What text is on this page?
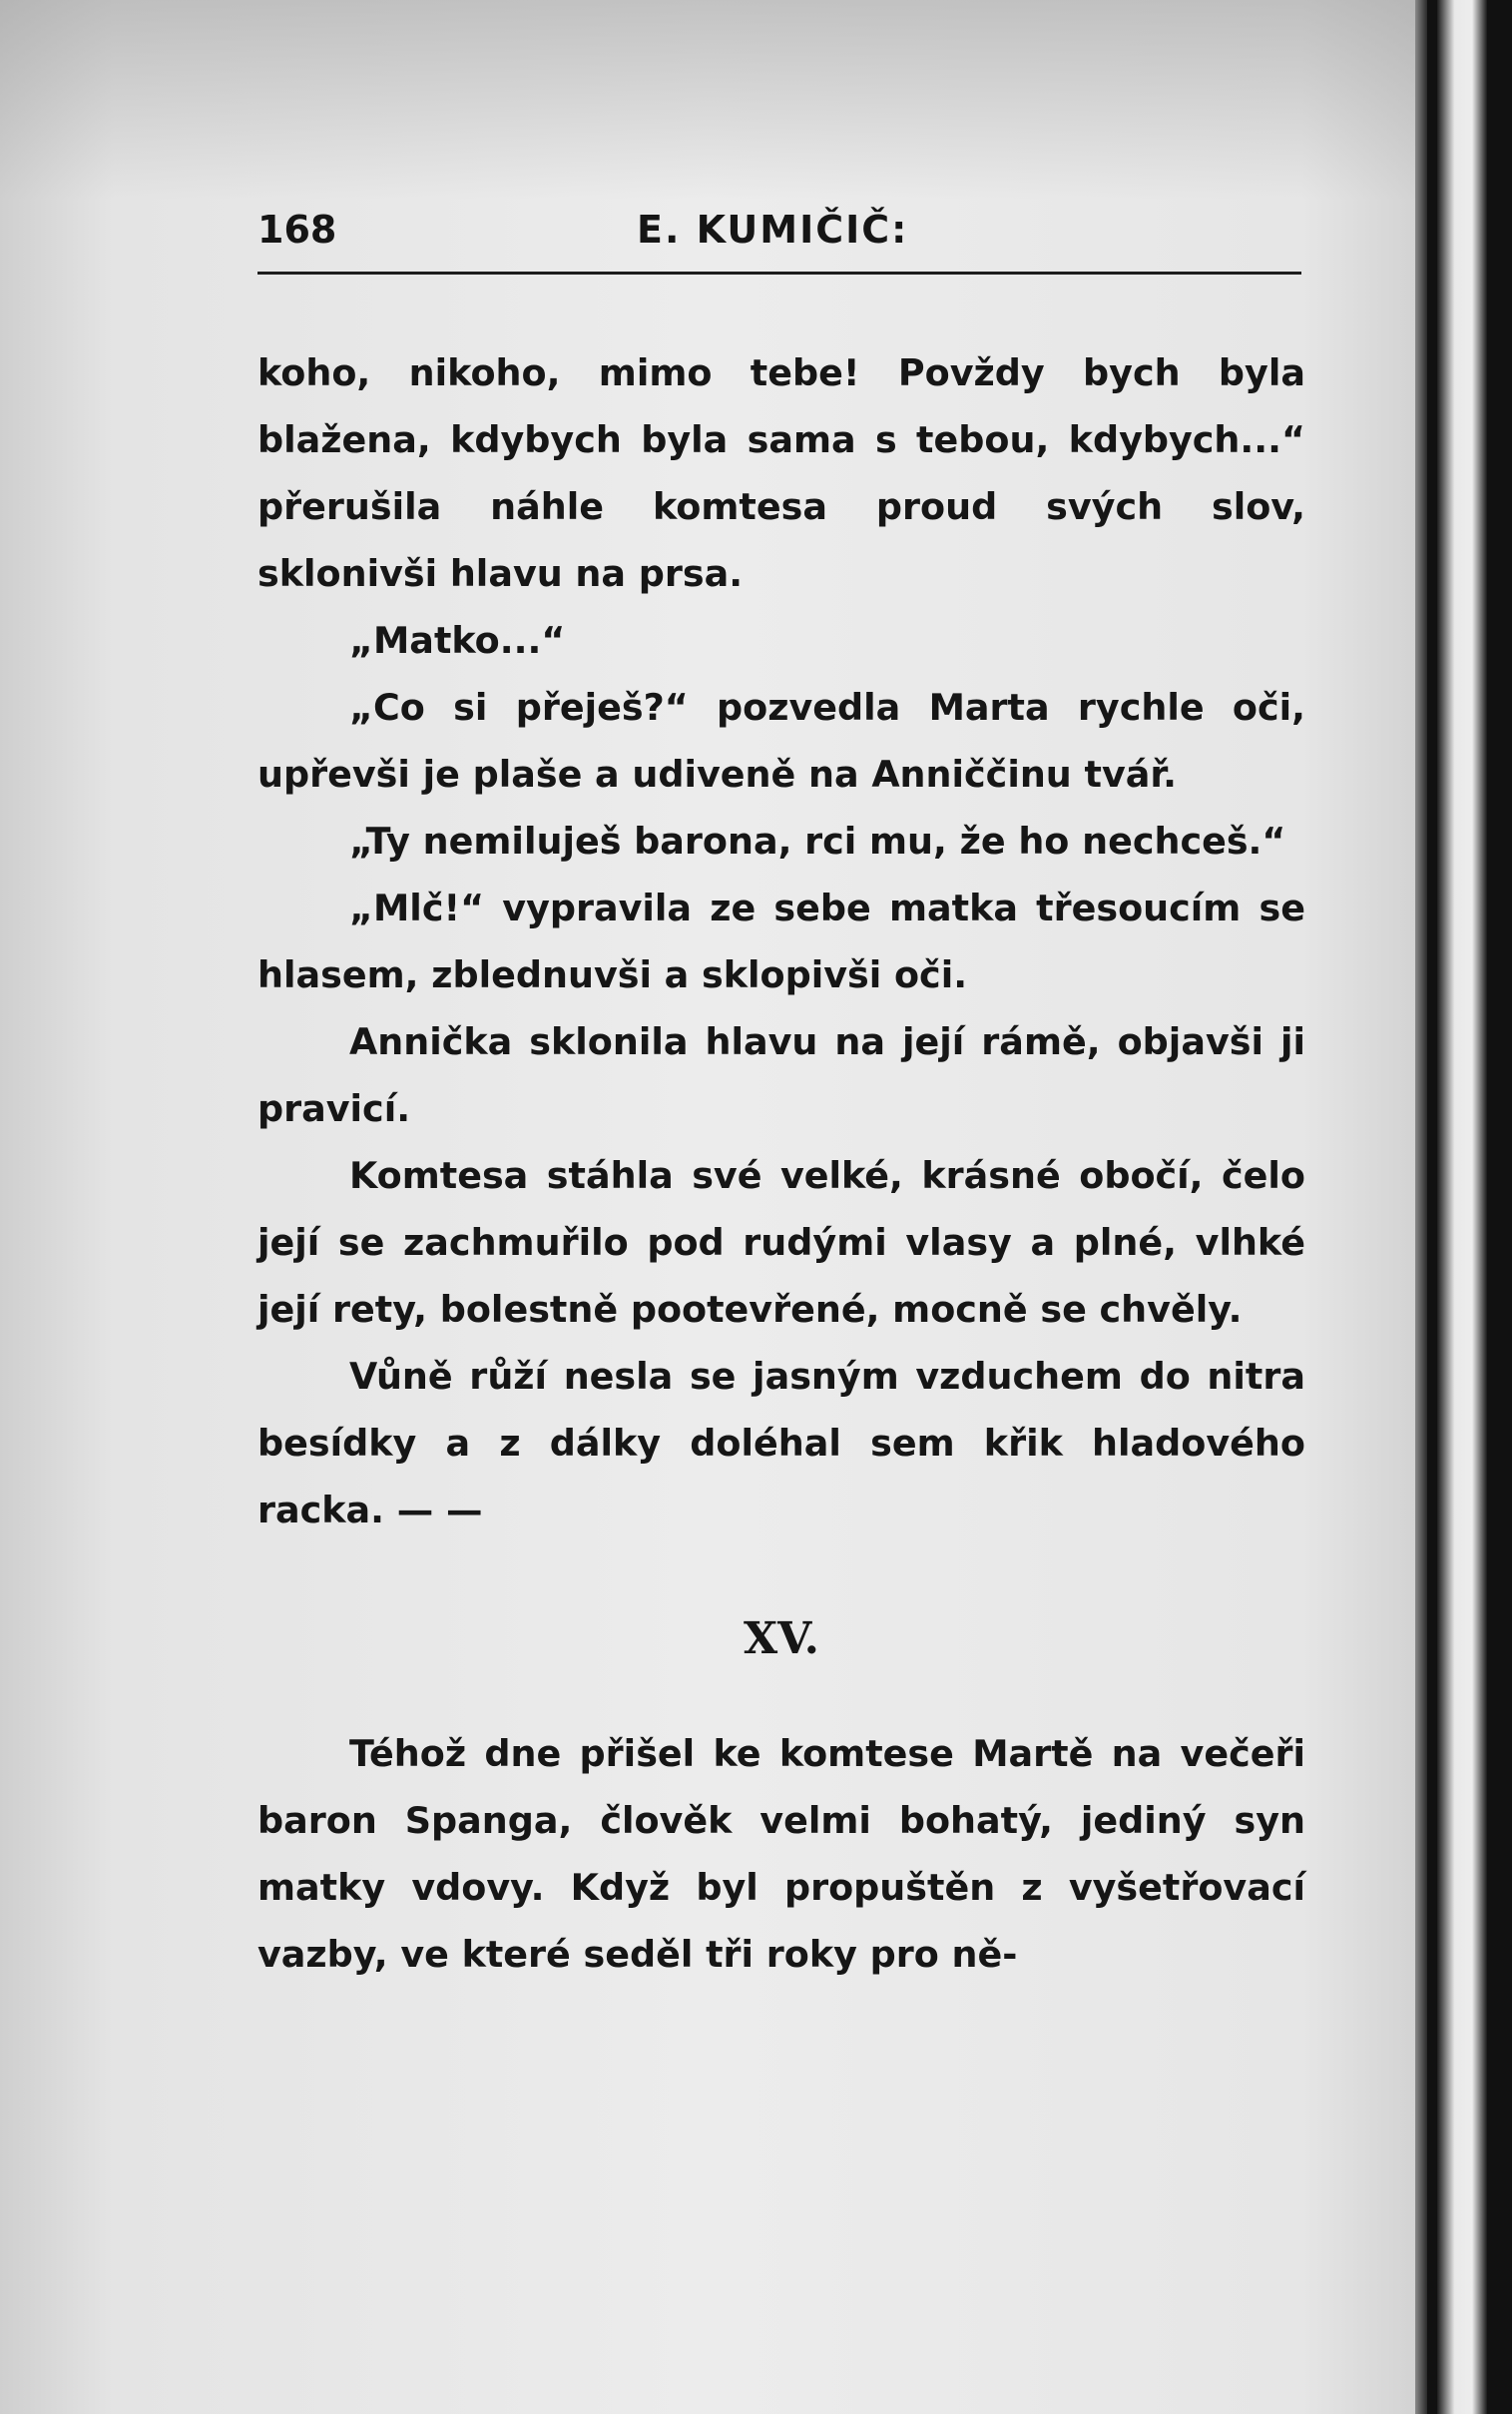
168	E. KUMIČIČ:

koho, nikoho, mimo tebe! Povždy bych byla blažena, kdybych byla sama s tebou, kdybych...“ přerušila náhle komtesa proud svých slov, sklonivši hlavu na prsa.

„Matko...“

„Co si přeješ?“ pozvedla Marta rychle oči, upřevši je plaše a udiveně na Anniččinu tvář.

„Ty nemiluješ barona, rci mu, že ho nechceš.“

„Mlč!“ vypravila ze sebe matka třesoucím se hlasem, zblednuvši a sklopivši oči.

Annička sklonila hlavu na její rámě, objavši ji pravicí.

Komtesa stáhla své velké, krásné obočí, čelo její se zachmuřilo pod rudými vlasy a plné, vlhké její rety, bolestně pootevřené, mocně se chvěly.

Vůně růží nesla se jasným vzduchem do nitra besídky a z dálky doléhal sem křik hladového racka. — —

XV.

Téhož dne přišel ke komtese Martě na večeři baron Spanga, člověk velmi bohatý, jediný syn matky vdovy. Když byl propuštěn z vyšetřovací vazby, ve které seděl tři roky pro ně-
